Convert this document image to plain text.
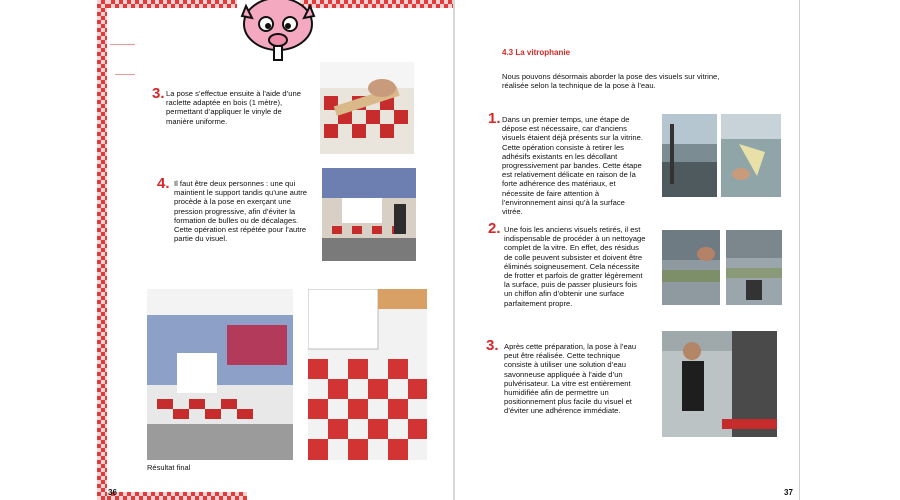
3. La pose s’effectue ensuite à l’aide d’une raclette adaptée en bois (1 mètre), permettant d’appliquer le vinyle de manière uniforme.
4. Il faut être deux personnes : une qui maintient le support tandis qu’une autre procède à la pose en exerçant une pression progressive, afin d’éviter la formation de bulles ou de décalages. Cette opération est répétée pour l’autre partie du visuel.
Résultat final
36
4.3 La vitrophanie
Nous pouvons désormais aborder la pose des visuels sur vitrine, réalisée selon la technique de la pose à l’eau.
1. Dans un premier temps, une étape de dépose est nécessaire, car d’anciens visuels étaient déjà présents sur la vitrine. Cette opération consiste à retirer les adhésifs existants en les décollant progressivement par bandes. Cette étape est relativement délicate en raison de la forte adhérence des matériaux, et nécessite de faire attention à l’environnement ainsi qu’à la surface vitrée.
2. Une fois les anciens visuels retirés, il est indispensable de procéder à un nettoyage complet de la vitre. En effet, des résidus de colle peuvent subsister et doivent être éliminés soigneusement. Cela nécessite de frotter et parfois de gratter légèrement la surface, puis de passer plusieurs fois un chiffon afin d’obtenir une surface parfaitement propre.
3. Après cette préparation, la pose à l’eau peut être réalisée. Cette technique consiste à utiliser une solution d’eau savonneuse appliquée à l’aide d’un pulvérisateur. La vitre est entièrement humidifiée afin de permettre un positionnement plus facile du visuel et d’éviter une adhérence immédiate.
37
